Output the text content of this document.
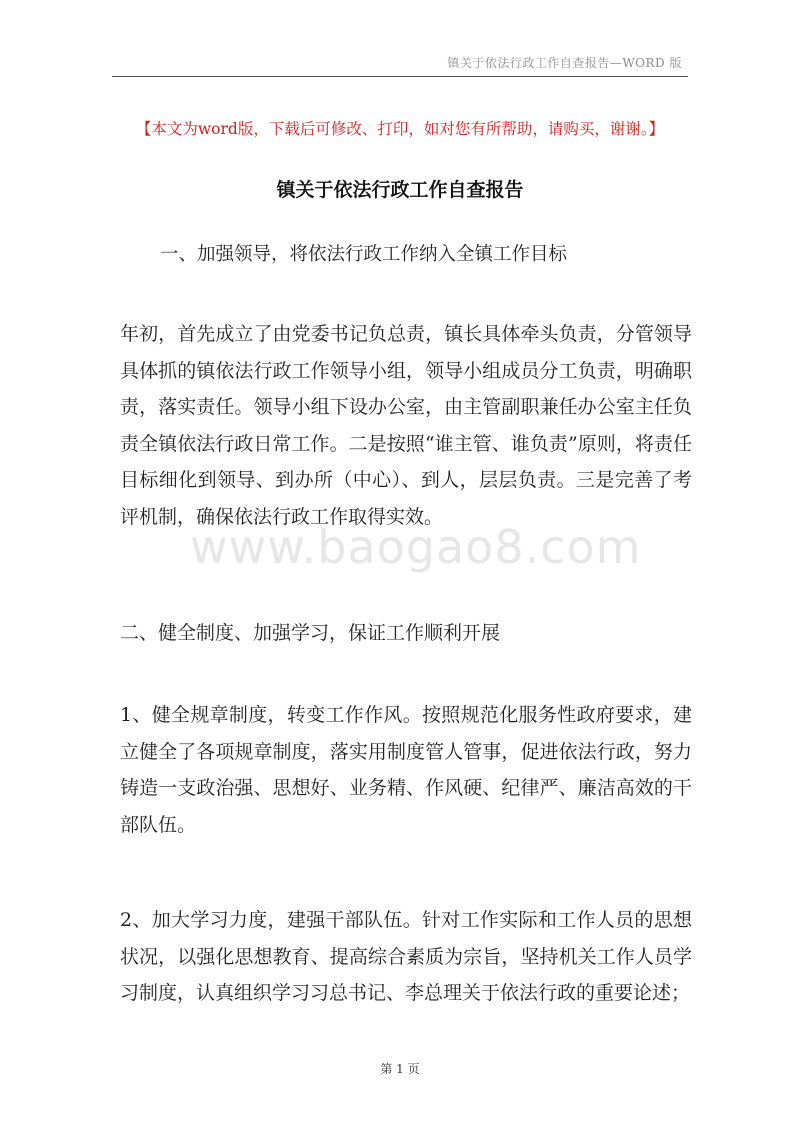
镇关于依法行政工作自查报告—WORD 版
【本文为word版，下载后可修改、打印，如对您有所帮助，请购买，谢谢。】
镇关于依法行政工作自查报告
一、加强领导，将依法行政工作纳入全镇工作目标
年初，首先成立了由党委书记负总责，镇长具体牵头负责，分管领导具体抓的镇依法行政工作领导小组，领导小组成员分工负责，明确职责，落实责任。领导小组下设办公室，由主管副职兼任办公室主任负责全镇依法行政日常工作。二是按照“谁主管、谁负责”原则，将责任目标细化到领导、到办所（中心）、到人，层层负责。三是完善了考评机制，确保依法行政工作取得实效。
www.baogao8.com
二、健全制度、加强学习，保证工作顺利开展
1、健全规章制度，转变工作作风。按照规范化服务性政府要求，建立健全了各项规章制度，落实用制度管人管事，促进依法行政，努力铸造一支政治强、思想好、业务精、作风硬、纪律严、廉洁高效的干部队伍。
2、加大学习力度，建强干部队伍。针对工作实际和工作人员的思想状况，以强化思想教育、提高综合素质为宗旨，坚持机关工作人员学习制度，认真组织学习习总书记、李总理关于依法行政的重要论述；
第 1 页
